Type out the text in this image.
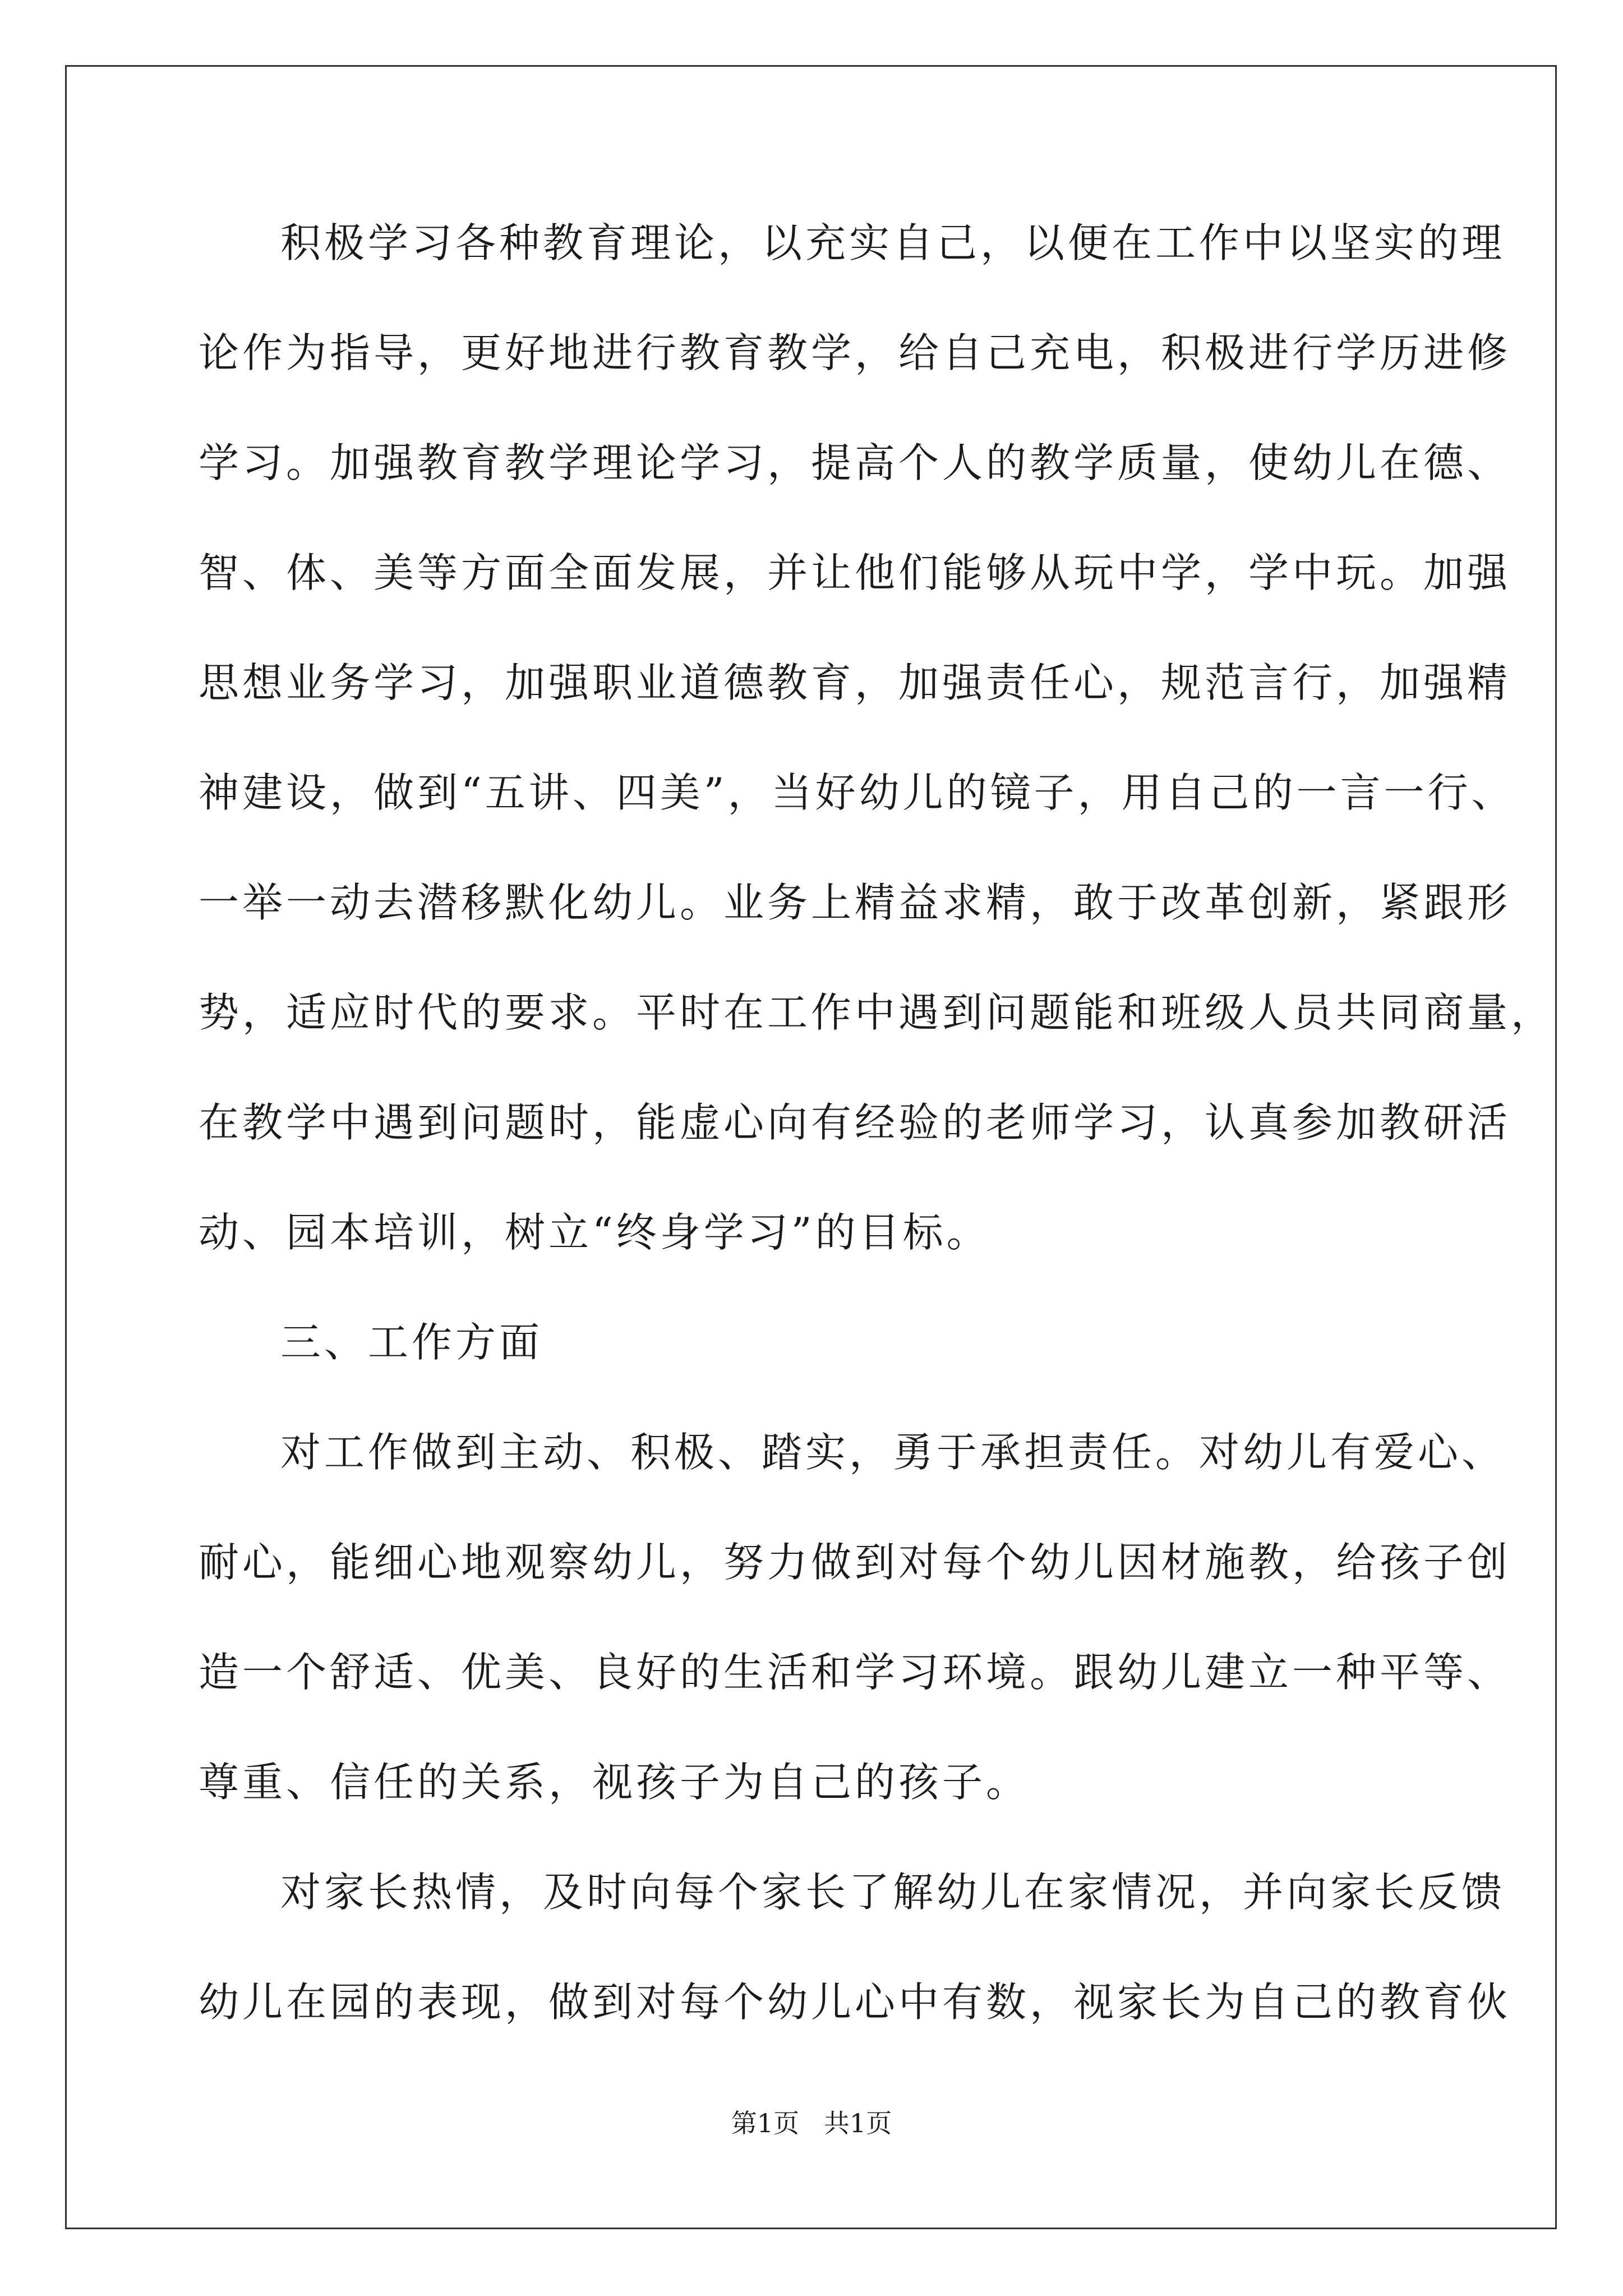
积极学习各种教育理论，以充实自己，以便在工作中以坚实的理
论作为指导，更好地进行教育教学，给自己充电，积极进行学历进修
学习。加强教育教学理论学习，提高个人的教学质量，使幼儿在德、
智、体、美等方面全面发展，并让他们能够从玩中学，学中玩。加强
思想业务学习，加强职业道德教育，加强责任心，规范言行，加强精
神建设，做到“五讲、四美”，当好幼儿的镜子，用自己的一言一行、
一举一动去潜移默化幼儿。业务上精益求精，敢于改革创新，紧跟形
势，适应时代的要求。平时在工作中遇到问题能和班级人员共同商量，
在教学中遇到问题时，能虚心向有经验的老师学习，认真参加教研活
动、园本培训，树立“终身学习”的目标。
三、工作方面
对工作做到主动、积极、踏实，勇于承担责任。对幼儿有爱心、
耐心，能细心地观察幼儿，努力做到对每个幼儿因材施教，给孩子创
造一个舒适、优美、良好的生活和学习环境。跟幼儿建立一种平等、
尊重、信任的关系，视孩子为自己的孩子。
对家长热情，及时向每个家长了解幼儿在家情况，并向家长反馈
幼儿在园的表现，做到对每个幼儿心中有数，视家长为自己的教育伙
第1页   共1页
